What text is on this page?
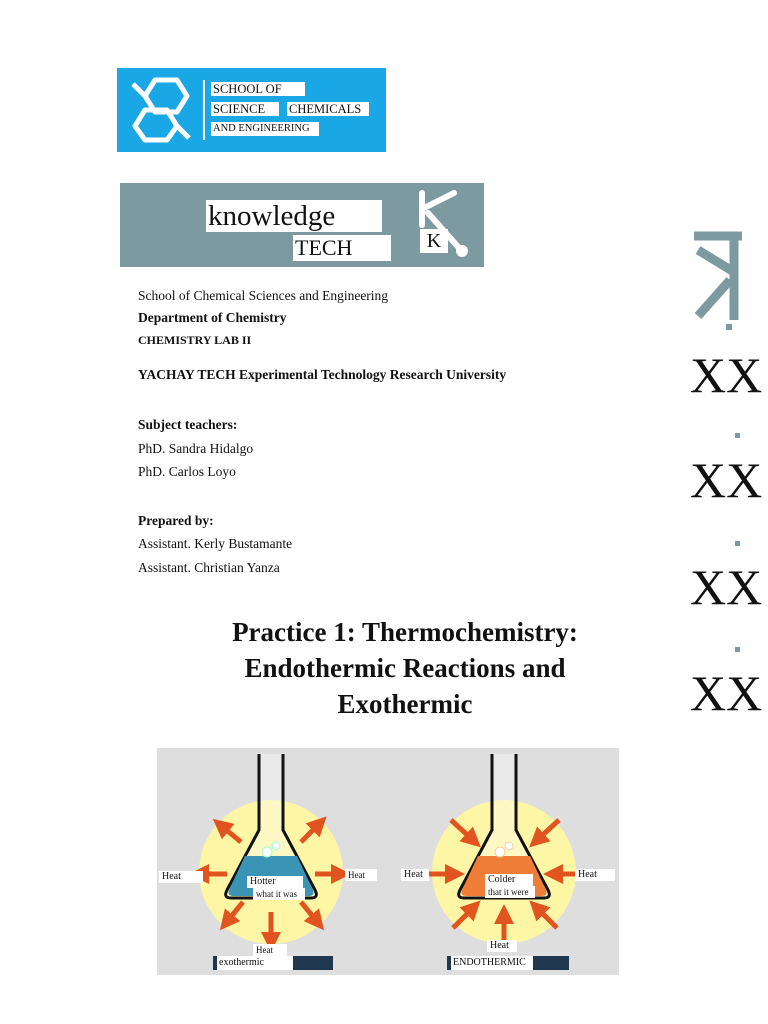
SCHOOL OF
SCIENCE	CHEMICALS
AND ENGINEERING
knowledge
TECH	K
School of Chemical Sciences and Engineering
Department of Chemistry
CHEMISTRY LAB II
YACHAY TECH Experimental Technology Research University
Subject teachers:
PhD. Sandra Hidalgo
PhD. Carlos Loyo
Prepared by:
Assistant. Kerly Bustamante
Assistant. Christian Yanza
XX
XX
XX
XX
Practice 1: Thermochemistry:
Endothermic Reactions and
Exothermic
Heat	Heat
Hotter
what it was
Heat
exothermic
Heat	Heat
Colder
that it were
Heat
ENDOTHERMIC
